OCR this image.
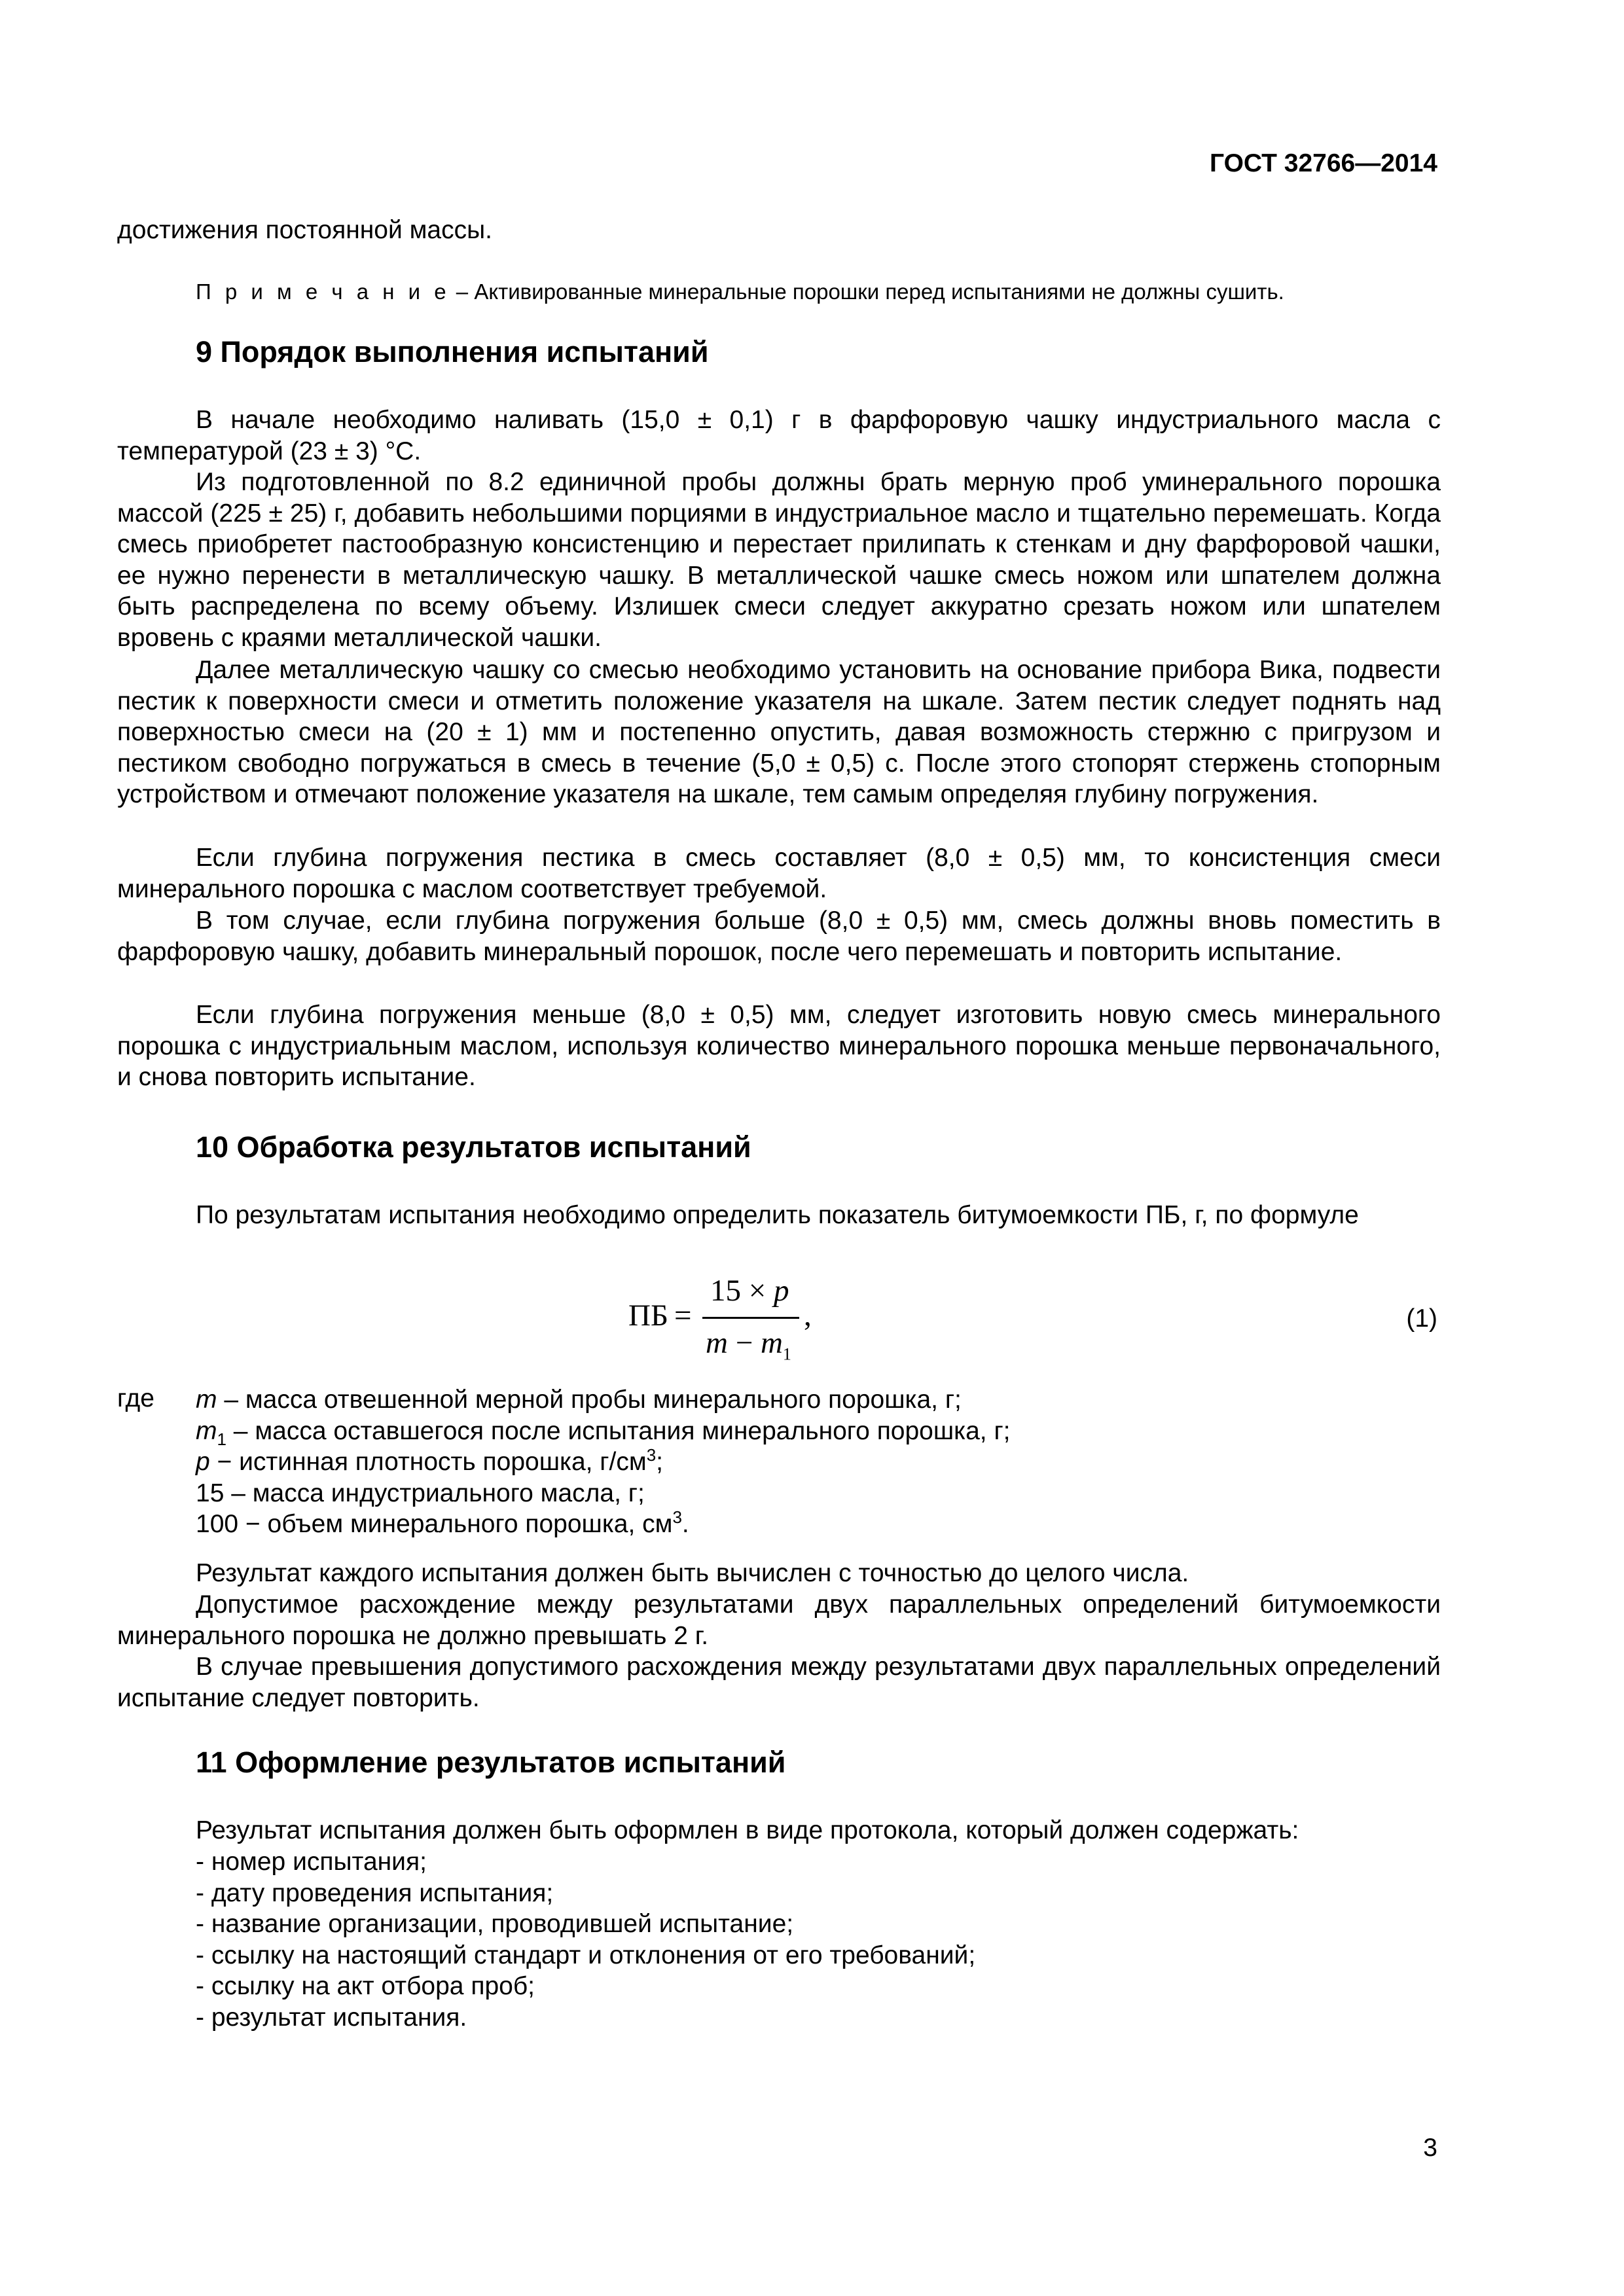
ГОСТ 32766—2014
достижения постоянной массы.
П р и м е ч а н и е – Активированные минеральные порошки перед испытаниями не должны сушить.
9 Порядок выполнения испытаний
В начале необходимо наливать (15,0 ± 0,1) г в фарфоровую чашку индустриального масла с температурой (23 ± 3) °С.
Из подготовленной по 8.2 единичной пробы должны брать мерную проб уминерального порошка массой (225 ± 25) г, добавить небольшими порциями в индустриальное масло и тщательно перемешать. Когда смесь приобретет пастообразную консистенцию и перестает прилипать к стенкам и дну фарфоровой чашки, ее нужно перенести в металлическую чашку. В металлической чашке смесь ножом или шпателем должна быть распределена по всему объему. Излишек смеси следует аккуратно срезать ножом или шпателем вровень с краями металлической чашки.
Далее металлическую чашку со смесью необходимо установить на основание прибора Вика, подвести пестик к поверхности смеси и отметить положение указателя на шкале. Затем пестик следует поднять над поверхностью смеси на (20 ± 1) мм и постепенно опустить, давая возможность стержню с пригрузом и пестиком свободно погружаться в смесь в течение (5,0 ± 0,5) с. После этого стопорят стержень стопорным устройством и отмечают положение указателя на шкале, тем самым определяя глубину погружения.
Если глубина погружения пестика в смесь составляет (8,0 ± 0,5) мм, то консистенция смеси минерального порошка с маслом соответствует требуемой.
В том случае, если глубина погружения больше (8,0 ± 0,5) мм, смесь должны вновь поместить в фарфоровую чашку, добавить минеральный порошок, после чего перемешать и повторить испытание.
Если глубина погружения меньше (8,0 ± 0,5) мм, следует изготовить новую смесь минерального порошка с индустриальным маслом, используя количество минерального порошка меньше первоначального, и снова повторить испытание.
10 Обработка результатов испытаний
По результатам испытания необходимо определить показатель битумоемкости ПБ, г, по формуле
ПБ =
15 × p
$m - m_1$
,	(1)
где m – масса отвешенной мерной пробы минерального порошка, г;
$m_1$ – масса оставшегося после испытания минерального порошка, г;
p − истинная плотность порошка, $г/см^3$;
15 – масса индустриального масла, г;
100 − объем минерального порошка, $см^3$.
Результат каждого испытания должен быть вычислен с точностью до целого числа.
Допустимое расхождение между результатами двух параллельных определений битумоемкости минерального порошка не должно превышать 2 г.
В случае превышения допустимого расхождения между результатами двух параллельных определений испытание следует повторить.
11 Оформление результатов испытаний
Результат испытания должен быть оформлен в виде протокола, который должен содержать:
- номер испытания;
- дату проведения испытания;
- название организации, проводившей испытание;
- ссылку на настоящий стандарт и отклонения от его требований;
- ссылку на акт отбора проб;
- результат испытания.
3
